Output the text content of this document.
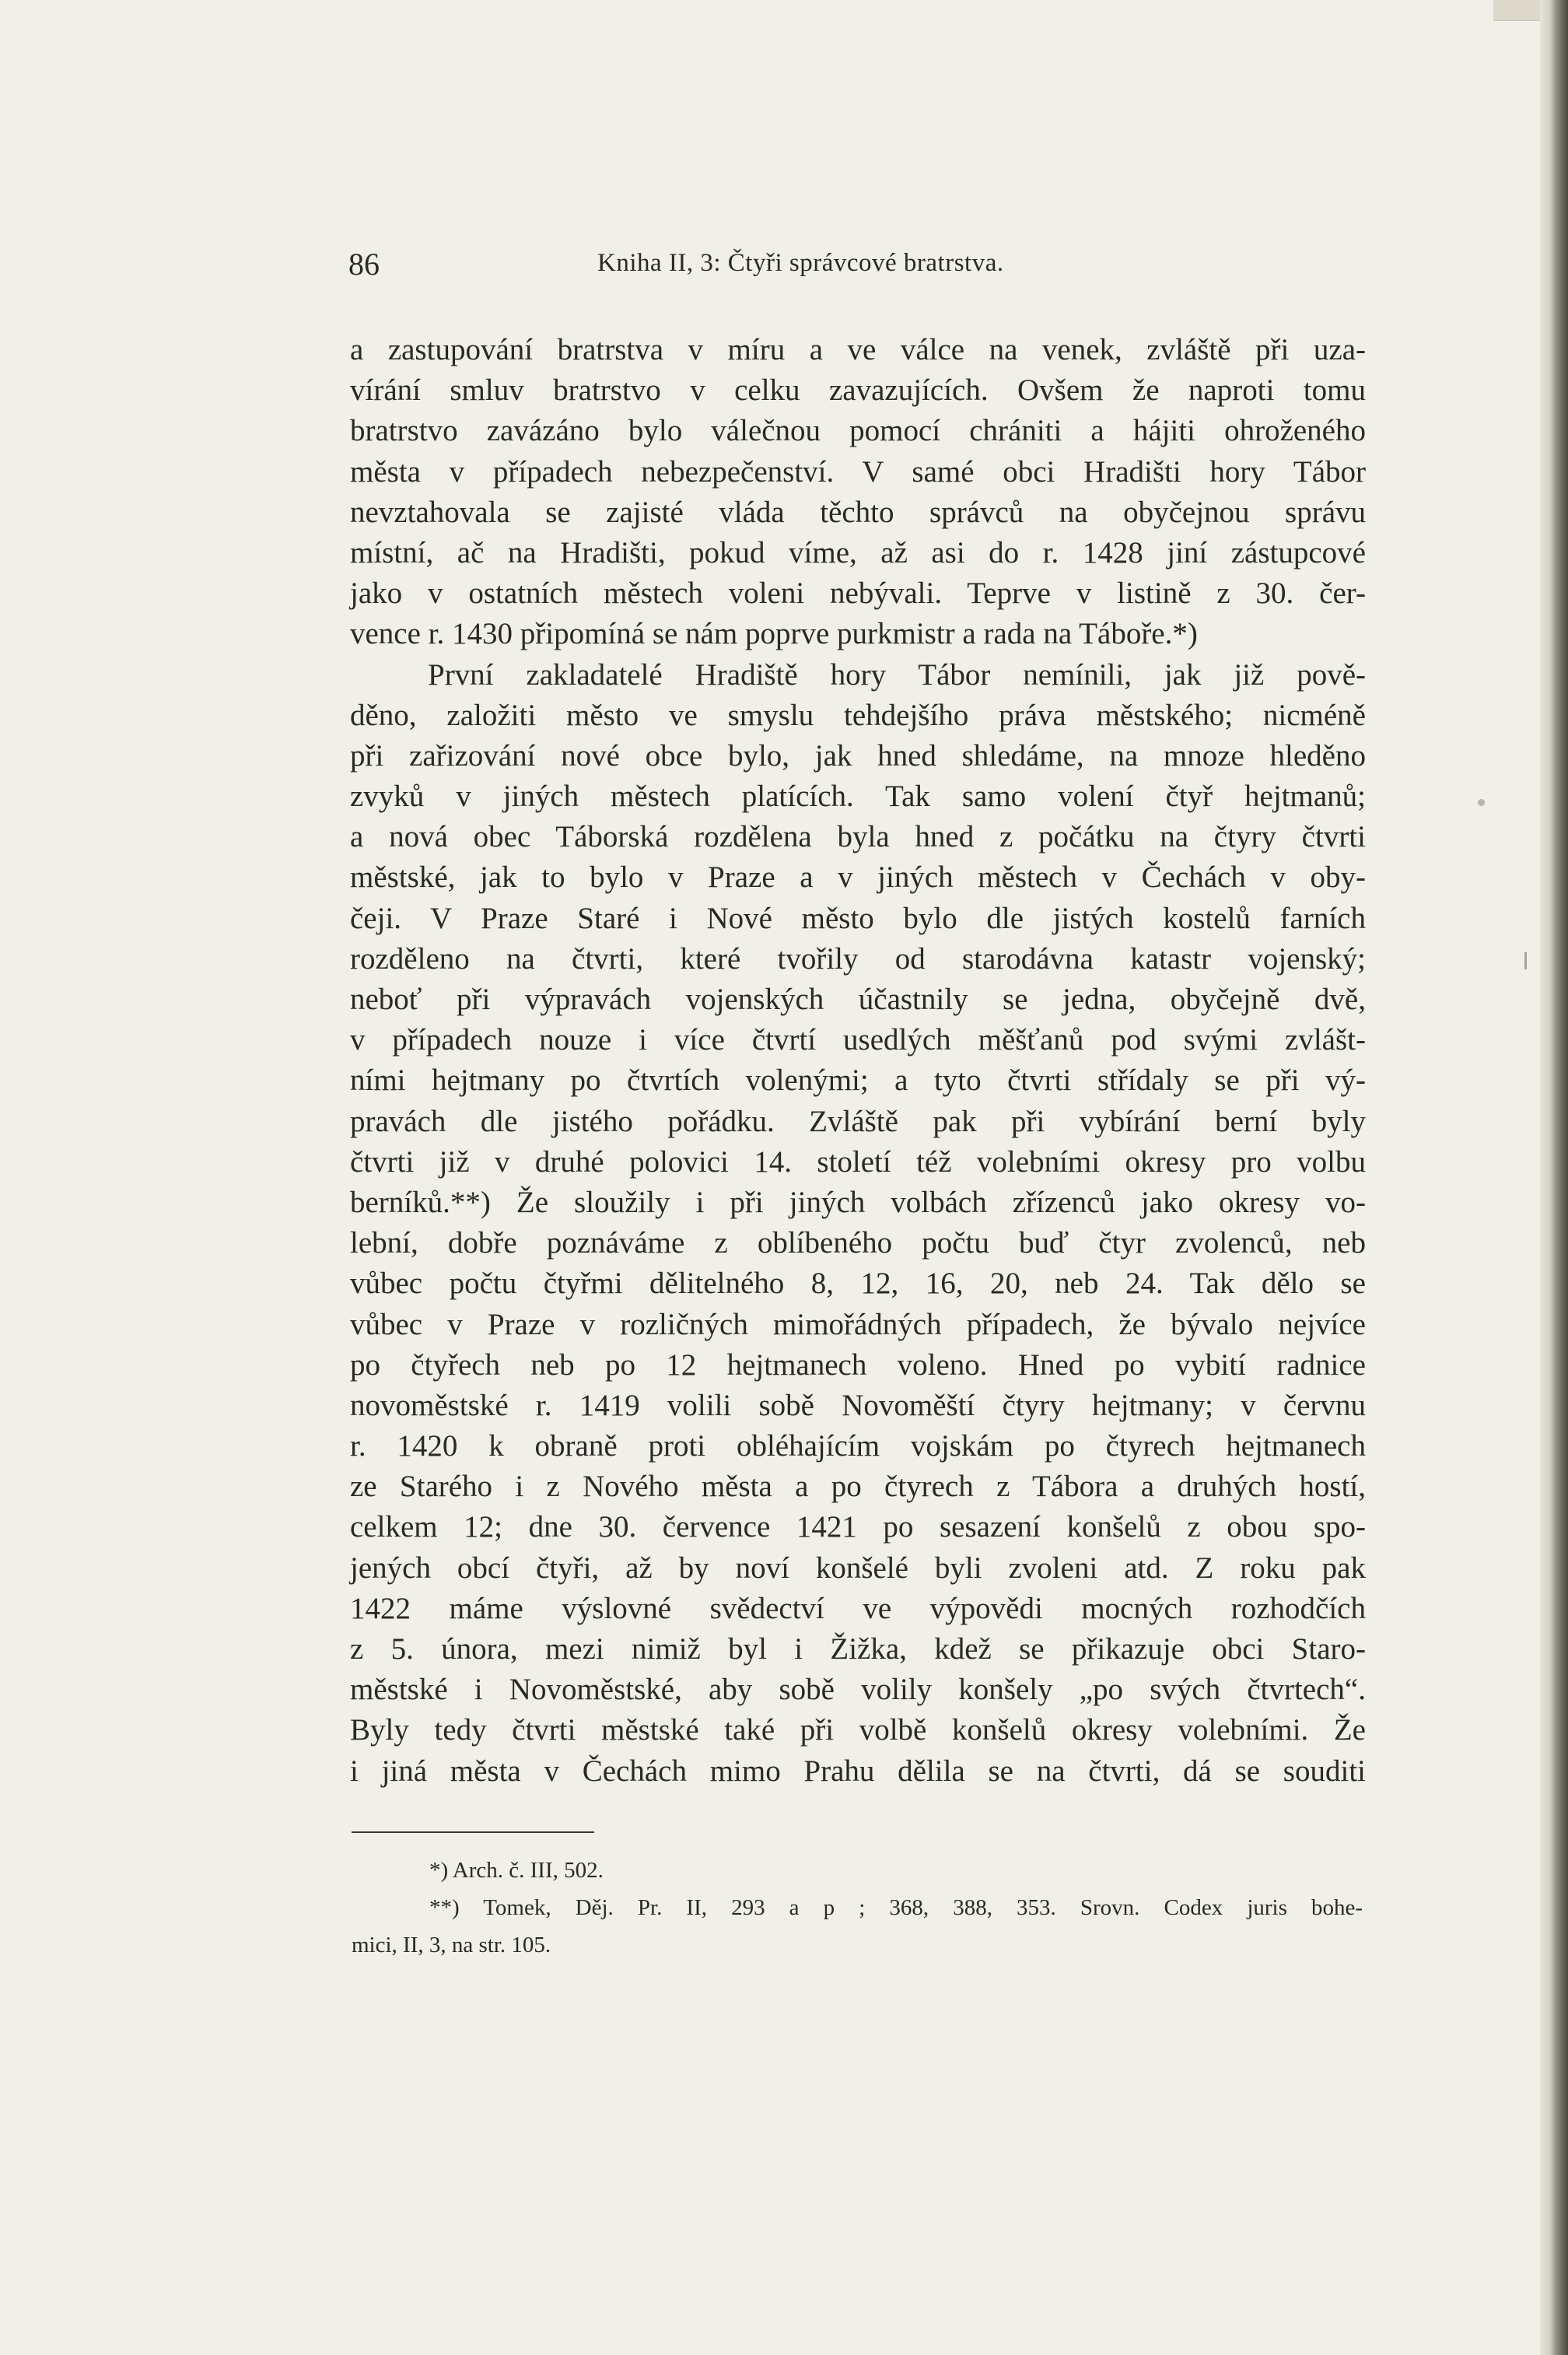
86	Kniha II, 3: Čtyři správcové bratrstva.
a zastupování bratrstva v míru a ve válce na venek, zvláště při uza-
vírání smluv bratrstvo v celku zavazujících. Ovšem že naproti tomu
bratrstvo zavázáno bylo válečnou pomocí chrániti a hájiti ohroženého
města v případech nebezpečenství. V samé obci Hradišti hory Tábor
nevztahovala se zajisté vláda těchto správců na obyčejnou správu
místní, ač na Hradišti, pokud víme, až asi do r. 1428 jiní zástupcové
jako v ostatních městech voleni nebývali. Teprve v listině z 30. čer-
vence r. 1430 připomíná se nám poprve purkmistr a rada na Táboře.*)
První zakladatelé Hradiště hory Tábor nemínili, jak již pově-
děno, založiti město ve smyslu tehdejšího práva městského; nicméně
při zařizování nové obce bylo, jak hned shledáme, na mnoze hleděno
zvyků v jiných městech platících. Tak samo volení čtyř hejtmanů;
a nová obec Táborská rozdělena byla hned z počátku na čtyry čtvrti
městské, jak to bylo v Praze a v jiných městech v Čechách v oby-
čeji. V Praze Staré i Nové město bylo dle jistých kostelů farních
rozděleno na čtvrti, které tvořily od starodávna katastr vojenský;
neboť při výpravách vojenských účastnily se jedna, obyčejně dvě,
v případech nouze i více čtvrtí usedlých měšťanů pod svými zvlášt-
ními hejtmany po čtvrtích volenými; a tyto čtvrti střídaly se při vý-
pravách dle jistého pořádku. Zvláště pak při vybírání berní byly
čtvrti již v druhé polovici 14. století též volebními okresy pro volbu
berníků.**) Že sloužily i při jiných volbách zřízenců jako okresy vo-
lební, dobře poznáváme z oblíbeného počtu buď čtyr zvolenců, neb
vůbec počtu čtyřmi dělitelného 8, 12, 16, 20, neb 24. Tak dělo se
vůbec v Praze v rozličných mimořádných případech, že bývalo nejvíce
po čtyřech neb po 12 hejtmanech voleno. Hned po vybití radnice
novoměstské r. 1419 volili sobě Novoměští čtyry hejtmany; v červnu
r. 1420 k obraně proti obléhajícím vojskám po čtyrech hejtmanech
ze Starého i z Nového města a po čtyrech z Tábora a druhých hostí,
celkem 12; dne 30. července 1421 po sesazení konšelů z obou spo-
jených obcí čtyři, až by noví konšelé byli zvoleni atd. Z roku pak
1422 máme výslovné svědectví ve výpovědi mocných rozhodčích
z 5. února, mezi nimiž byl i Žižka, kdež se přikazuje obci Staro-
městské i Novoměstské, aby sobě volily konšely „po svých čtvrtech“.
Byly tedy čtvrti městské také při volbě konšelů okresy volebními. Že
i jiná města v Čechách mimo Prahu dělila se na čtvrti, dá se souditi
*) Arch. č. III, 502.
**) Tomek, Děj. Pr. II, 293 a p ; 368, 388, 353. Srovn. Codex juris bohe-
mici, II, 3, na str. 105.
